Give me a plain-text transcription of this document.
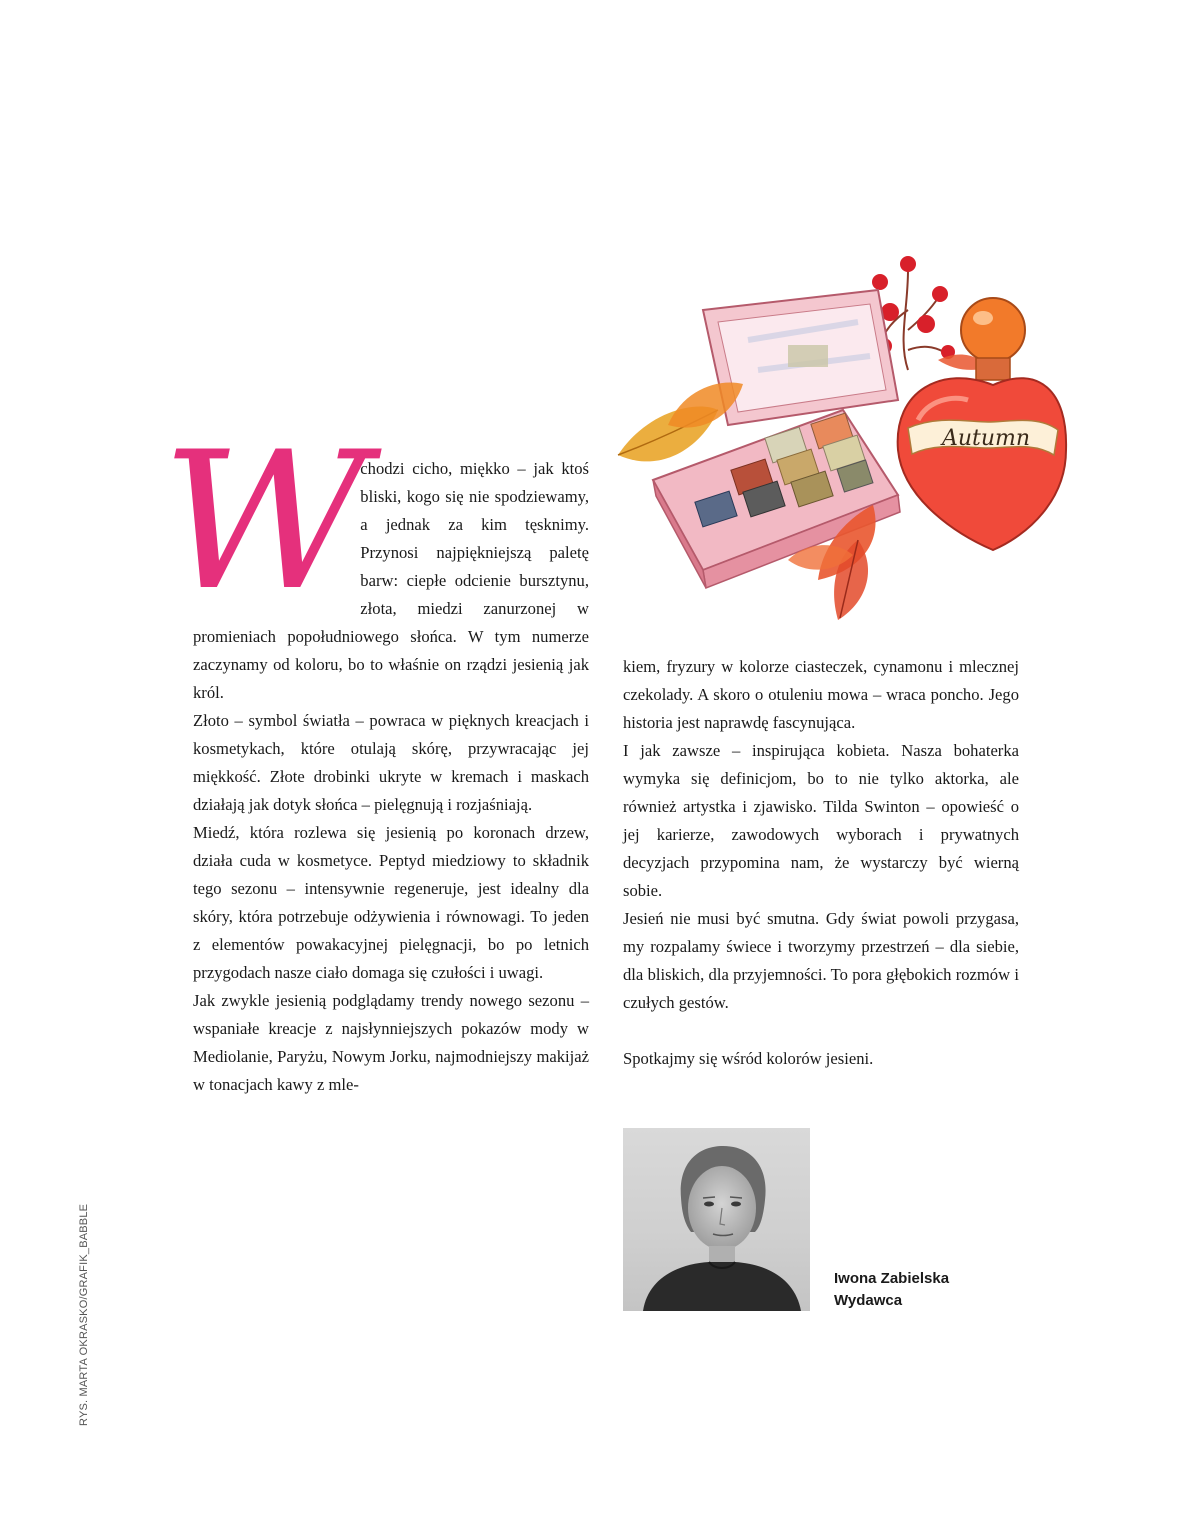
Autumn
W chodzi cicho, miękko – jak ktoś bliski, kogo się nie spodziewamy, a jednak za kim tęsknimy. Przynosi najpiękniejszą paletę barw: ciepłe odcienie bursztynu, złota, miedzi zanurzonej w promieniach popołudniowego słońca. W tym numerze zaczynamy od koloru, bo to właśnie on rządzi jesienią jak król.

Złoto – symbol światła – powraca w pięknych kreacjach i kosmetykach, które otulają skórę, przywracając jej miękkość. Złote drobinki ukryte w kremach i maskach działają jak dotyk słońca – pielęgnują i rozjaśniają.

Miedź, która rozlewa się jesienią po koronach drzew, działa cuda w kosmetyce. Peptyd miedziowy to składnik tego sezonu – intensywnie regeneruje, jest idealny dla skóry, która potrzebuje odżywienia i równowagi. To jeden z elementów powakacyjnej pielęgnacji, bo po letnich przygodach nasze ciało domaga się czułości i uwagi.

Jak zwykle jesienią podglądamy trendy nowego sezonu – wspaniałe kreacje z najsłynniejszych pokazów mody w Mediolanie, Paryżu, Nowym Jorku, najmodniejszy makijaż w tonacjach kawy z mle-

kiem, fryzury w kolorze ciasteczek, cynamonu i mlecznej czekolady. A skoro o otuleniu mowa – wraca poncho. Jego historia jest naprawdę fascynująca.

I jak zawsze – inspirująca kobieta. Nasza bohaterka wymyka się definicjom, bo to nie tylko aktorka, ale również artystka i zjawisko. Tilda Swinton – opowieść o jej karierze, zawodowych wyborach i prywatnych decyzjach przypomina nam, że wystarczy być wierną sobie.

Jesień nie musi być smutna. Gdy świat powoli przygasa, my rozpalamy świece i tworzymy przestrzeń – dla siebie, dla bliskich, dla przyjemności. To pora głębokich rozmów i czułych gestów.

Spotkajmy się wśród kolorów jesieni.

Iwona Zabielska
Wydawca
RYS. MARTA OKRASKO/GRAFIK_BABBLE
